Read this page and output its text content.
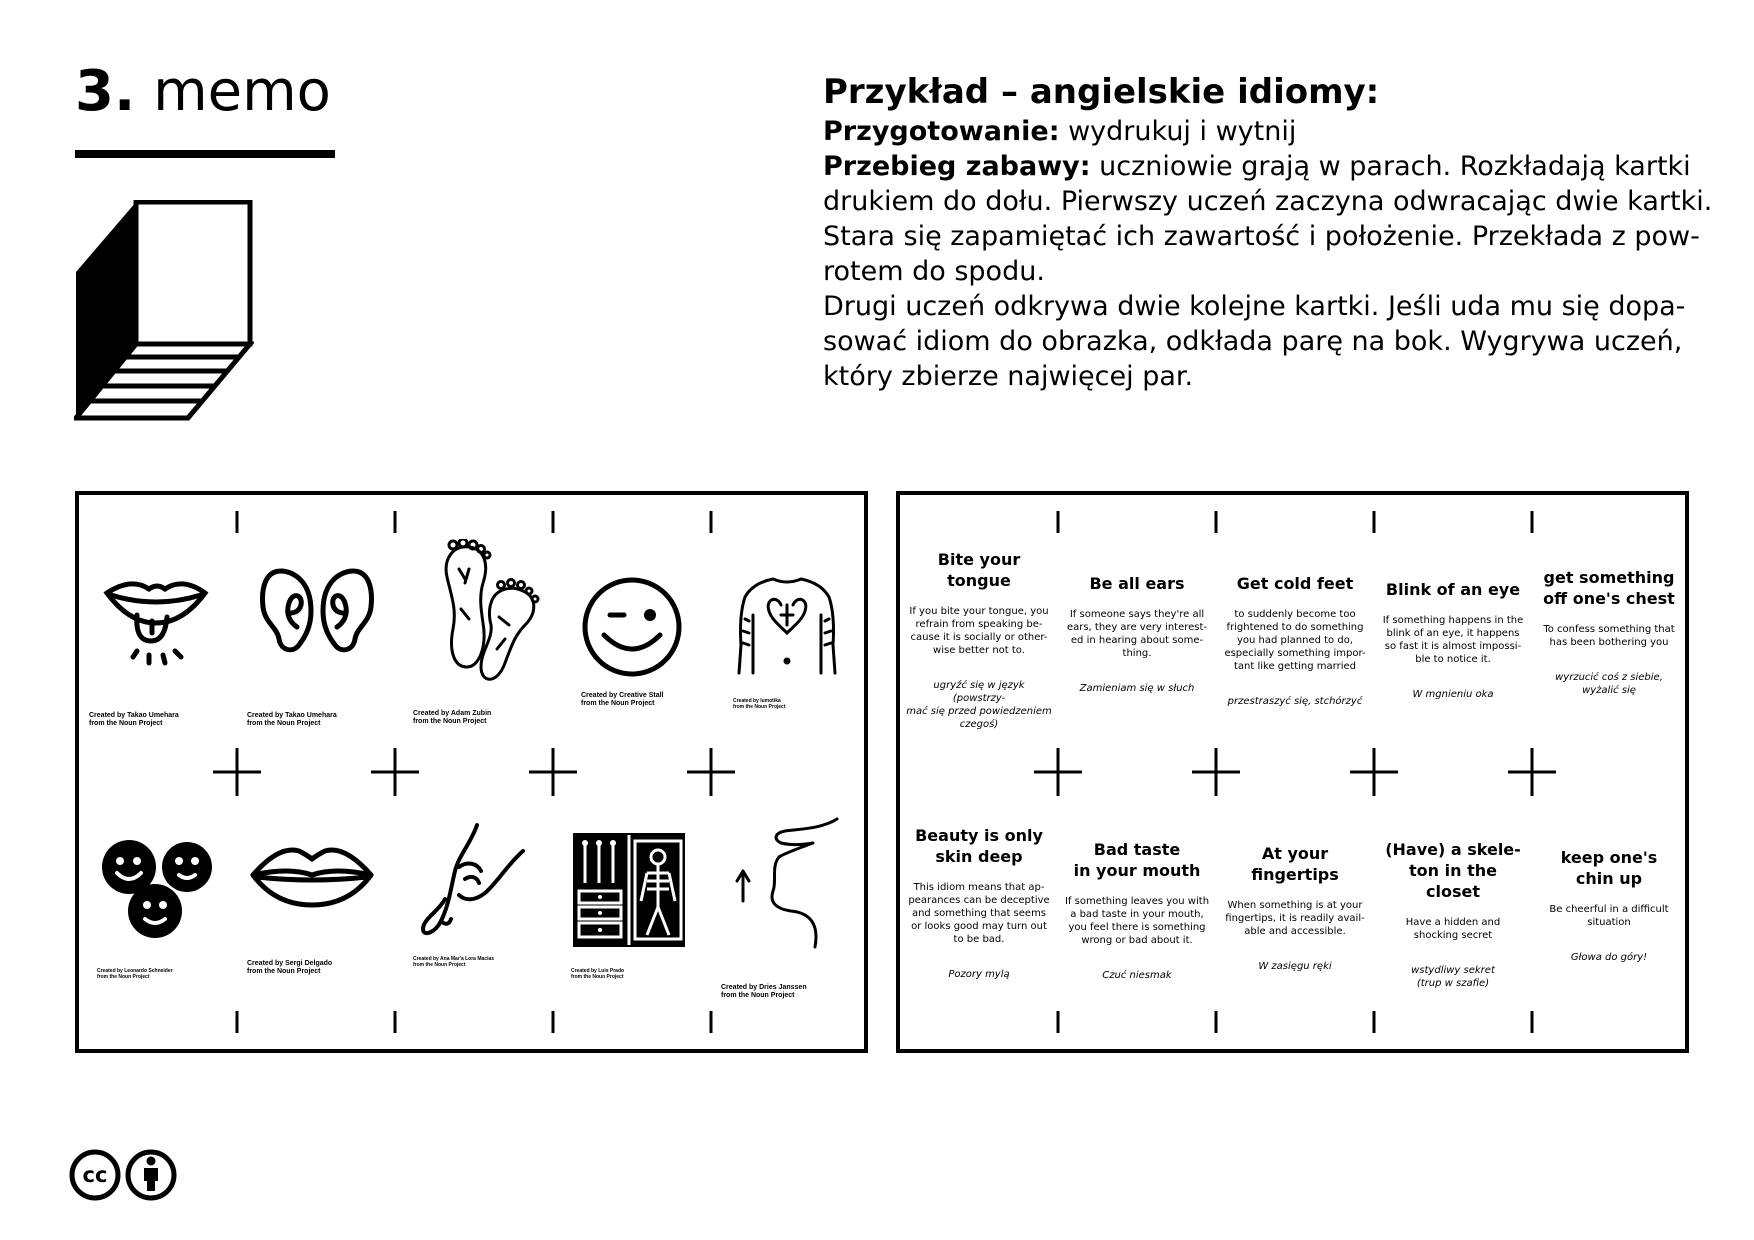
3. memo	Przykład – angielskie idiomy:

Przygotowanie: wydrukuj i wytnij

Przebieg zabawy: uczniowie grają w parach. Rozkładają kartki

drukiem do dołu. Pierwszy uczeń zaczyna odwracając dwie kartki.

Stara się zapamiętać ich zawartość i położenie. Przekłada z pow-

rotem do spodu.

Drugi uczeń odkrywa dwie kolejne kartki. Jeśli uda mu się dopa-

sować idiom do obrazka, odkłada parę na bok. Wygrywa uczeń,

który zbierze najwięcej par.

Created by Takao Umehara
from the Noun Project
Created by Takao Umehara
from the Noun Project
Created by Adam Zubin
from the Noun Project
Created by Creative Stall
from the Noun Project	Created by lumotika
from the Noun Project
Created by Leonardo Schneider
from the Noun Project
Created by Sergi Delgado
from the Noun Project
Created by Ana Mar'a Lora Macias
from the Noun Project
Created by Luis Prado
from the Noun Project
Created by Dries Janssen
from the Noun Project
Bite your
tongue
If you bite your tongue, you
refrain from speaking be-
cause it is socially or other-
wise better not to.
ugryźć się w język (powstrzy-
mać się przed powiedzeniem
czegoś)
Be all ears
If someone says they're all
ears, they are very interest-
ed in hearing about some-
thing.
Zamieniam się w słuch
Get cold feet
to suddenly become too
frightened to do something
you had planned to do,
especially something impor-
tant like getting married
przestraszyć się, stchórzyć
Blink of an eye
If something happens in the
blink of an eye, it happens
so fast it is almost impossi-
ble to notice it.
W mgnieniu oka
get something
off one's chest
To confess something that
has been bothering you
wyrzucić coś z siebie,
wyżalić się
Beauty is only
skin deep
This idiom means that ap-
pearances can be deceptive
and something that seems
or looks good may turn out
to be bad.
Pozory mylą
Bad taste
in your mouth
If something leaves you with
a bad taste in your mouth,
you feel there is something
wrong or bad about it.
Czuć niesmak
At your
fingertips
When something is at your
fingertips, it is readily avail-
able and accessible.
W zasięgu ręki
(Have) a skele-
ton in the closet
Have a hidden and
shocking secret
wstydliwy sekret
(trup w szafie)
keep one's
chin up
Be cheerful in a difficult
situation
Głowa do góry!
cc
